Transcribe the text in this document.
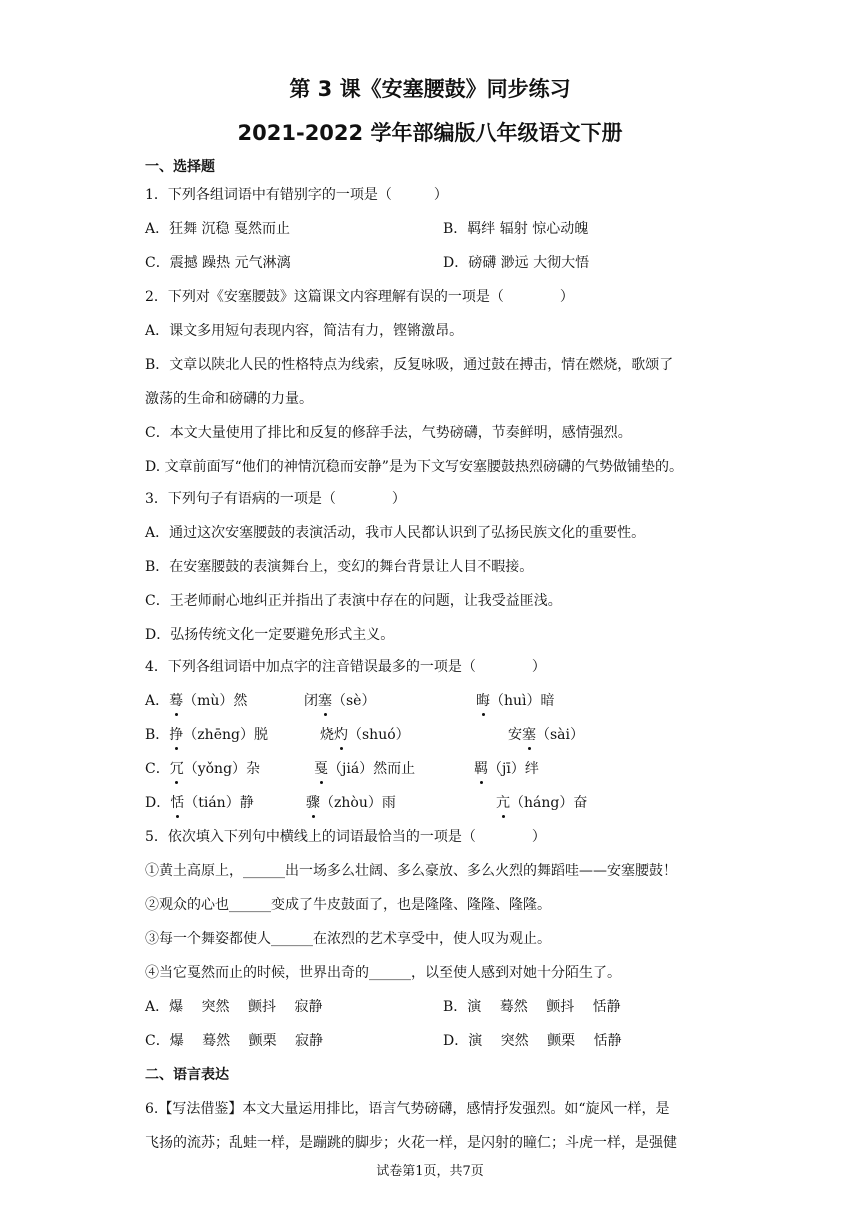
第 3 课《安塞腰鼓》同步练习
2021-2022 学年部编版八年级语文下册
一、选择题
1．下列各组词语中有错别字的一项是（　　　）
A．狂舞 沉稳 戛然而止	B．羁绊 辐射 惊心动魄
C．震撼 躁热 元气淋漓	D．磅礴 渺远 大彻大悟
2．下列对《安塞腰鼓》这篇课文内容理解有误的一项是（　　　　）
A．课文多用短句表现内容，简洁有力，铿锵激昂。
B．文章以陕北人民的性格特点为线索，反复咏吸，通过鼓在搏击，情在燃烧，歌颂了
激荡的生命和磅礴的力量。
C．本文大量使用了排比和反复的修辞手法，气势磅礴，节奏鲜明，感情强烈。
D. 文章前面写“他们的神情沉稳而安静”是为下文写安塞腰鼓热烈磅礴的气势做铺垫的。
3．下列句子有语病的一项是（　　　　）
A．通过这次安塞腰鼓的表演活动，我市人民都认识到了弘扬民族文化的重要性。
B．在安塞腰鼓的表演舞台上，变幻的舞台背景让人目不暇接。
C．王老师耐心地纠正并指出了表演中存在的问题，让我受益匪浅。
D．弘扬传统文化一定要避免形式主义。
4．下列各组词语中加点字的注音错误最多的一项是（　　　　）
A．蓦（mù）然	闭塞（sè）	晦（huì）暗
B．挣（zhēng）脱	烧灼（shuó）	安塞（sài）
C．冗（yǒng）杂	戛（jiá）然而止	羁（jī）绊
D．恬（tián）静	骤（zhòu）雨	亢（háng）奋
5．依次填入下列句中横线上的词语最恰当的一项是（　　　　）
①黄土高原上，______出一场多么壮阔、多么豪放、多么火烈的舞蹈哇——安塞腰鼓！
②观众的心也______变成了牛皮鼓面了，也是隆隆、隆隆、隆隆。
③每一个舞姿都使人______在浓烈的艺术享受中，使人叹为观止。
④当它戛然而止的时候，世界出奇的______，以至使人感到对她十分陌生了。
A．爆　 突然　 颤抖　 寂静	B．演　 蓦然　 颤抖　 恬静
C．爆　 蓦然　 颤栗　 寂静	D．演　 突然　 颤栗　 恬静
二、语言表达
6.【写法借鉴】本文大量运用排比，语言气势磅礴，感情抒发强烈。如“旋风一样，是
飞扬的流苏；乱蛙一样，是蹦跳的脚步；火花一样，是闪射的瞳仁；斗虎一样，是强健
试卷第1页，共7页
